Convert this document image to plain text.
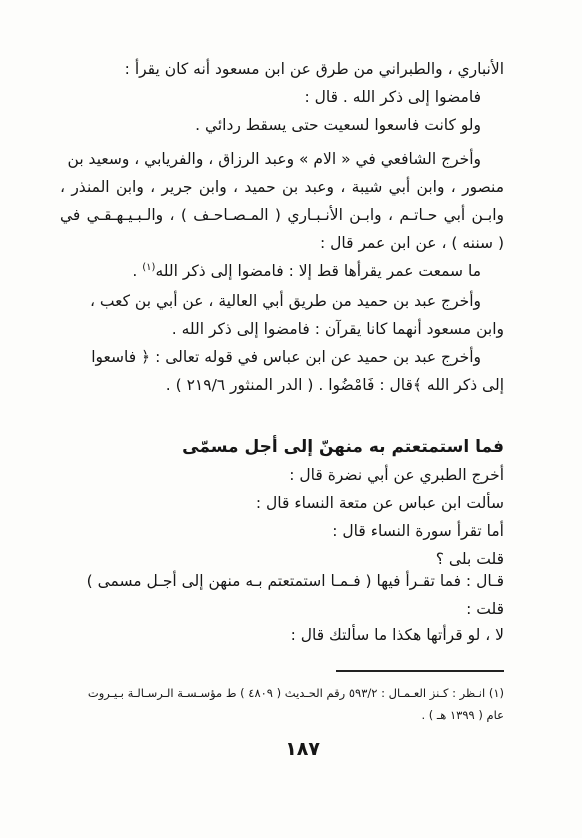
الأنباري ، والطبراني من طرق عن ابن مسعود أنه كان يقرأ :
فامضوا إلى ذكر الله . قال :
ولو كانت فاسعوا لسعيت حتى يسقط ردائي .
وأخرج الشافعي في « الام » وعبد الرزاق ، والفريابي ، وسعيد بن
منصور ، وابن أبي شيبة ، وعبد بن حميد ، وابن جرير ، وابن المنذر ،
وابـن أبي حـاتـم ، وابـن الأنـبـاري ( المـصـاحـف ) ، والـبـيـهـقـي في
( سننه ) ، عن ابن عمر قال :
ما سمعت عمر يقرأها قط إلا : فامضوا إلى ذكر الله$^{(١)}$ .
وأخرج عبد بن حميد من طريق أبي العالية ، عن أبي بن كعب ،
وابن مسعود أنهما كانا يقرآن : فامضوا إلى ذكر الله .
وأخرج عبد بن حميد عن ابن عباس في قوله تعالى : ﴿ فاسعوا
إلى ذكر الله ﴾قال : فَامْضُوا . ( الدر المنثور ٢١٩/٦ ) .
فما استمتعتم به منهنّ إلى أجل مسمّى
أخرج الطبري عن أبي نضرة قال :
سألت ابن عباس عن متعة النساء قال :
أما تقرأ سورة النساء قال :
قلت بلى ؟
قـال : فما تقـرأ فيها ( فـمـا استمتعتم بـه منهن إلى أجـل مسمى )
قلت :
لا ، لو قرأتها هكذا ما سألتك قال :
(١) انـظر : كـنز العـمـال : ٥٩٣/٢ رقم الحـديث ( ٤٨٠٩ ) ط مؤسـسـة الـرسـالـة بـيـروت
عام ( ١٣٩٩ هـ ) .
١٨٧
